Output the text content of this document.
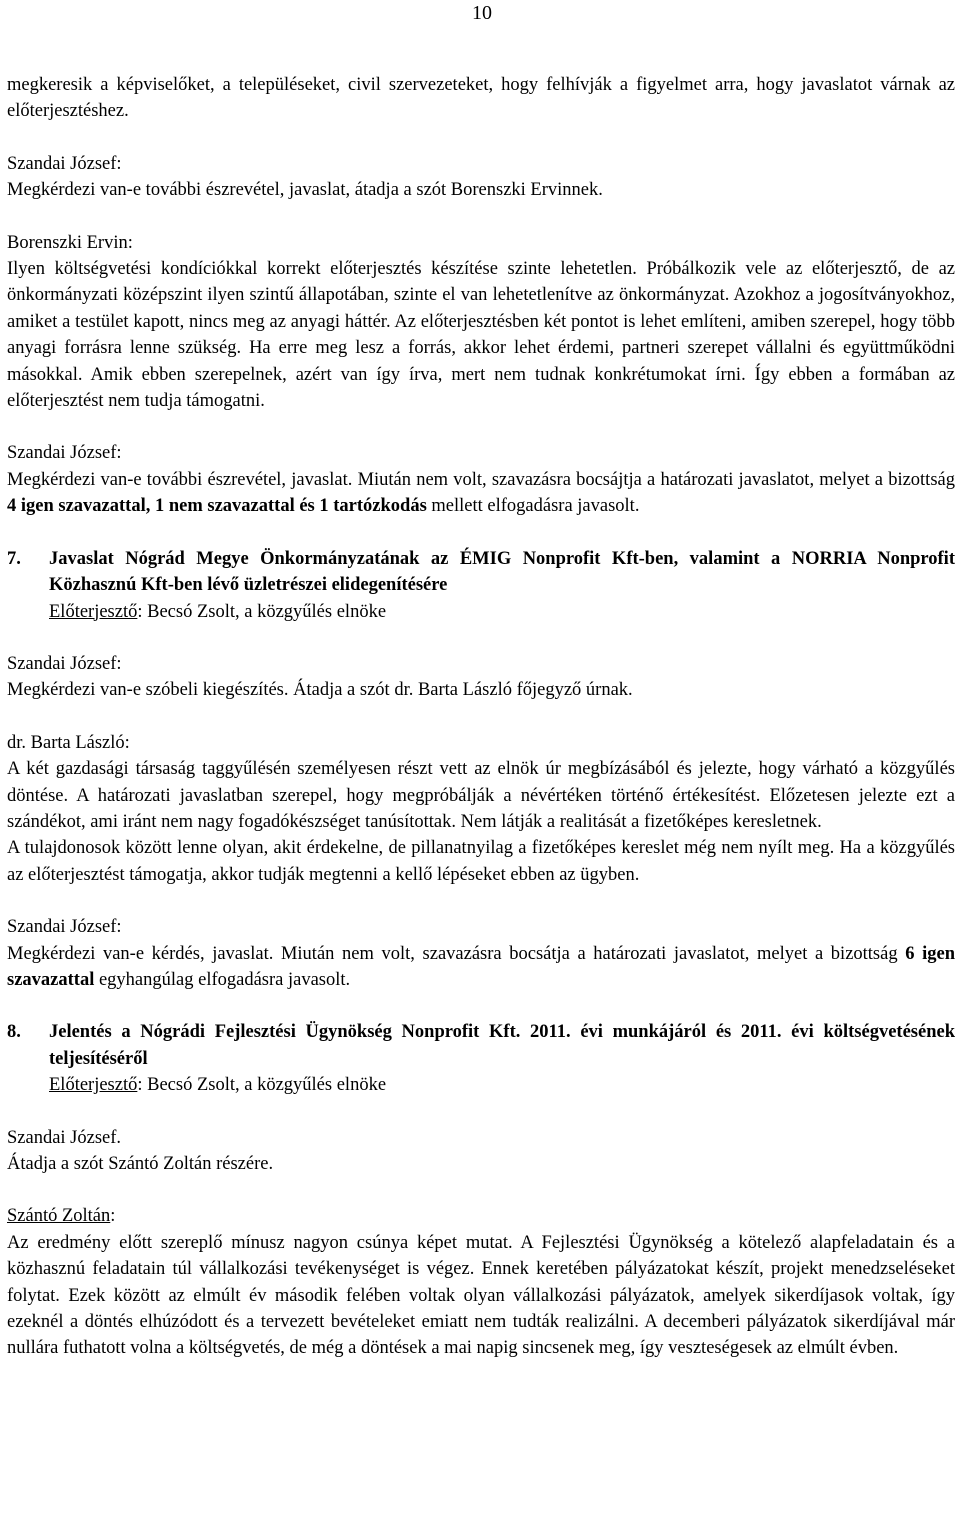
10

megkeresik a képviselőket, a településeket, civil szervezeteket, hogy felhívják a figyelmet arra, hogy javaslatot várnak az előterjesztéshez.

Szandai József:

Megkérdezi van-e további észrevétel, javaslat, átadja a szót Borenszki Ervinnek.

Borenszki Ervin:

Ilyen költségvetési kondíciókkal korrekt előterjesztés készítése szinte lehetetlen. Próbálkozik vele az előterjesztő, de az önkormányzati középszint ilyen szintű állapotában, szinte el van lehetetlenítve az önkormányzat. Azokhoz a jogosítványokhoz, amiket a testület kapott, nincs meg az anyagi háttér. Az előterjesztésben két pontot is lehet említeni, amiben szerepel, hogy több anyagi forrásra lenne szükség. Ha erre meg lesz a forrás, akkor lehet érdemi, partneri szerepet vállalni és együttműködni másokkal. Amik ebben szerepelnek, azért van így írva, mert nem tudnak konkrétumokat írni. Így ebben a formában az előterjesztést nem tudja támogatni.

Szandai József:

Megkérdezi van-e további észrevétel, javaslat. Miután nem volt, szavazásra bocsájtja a határozati javaslatot, melyet a bizottság 4 igen szavazattal, 1 nem szavazattal és 1 tartózkodás mellett elfogadásra javasolt.

7.	Javaslat Nógrád Megye Önkormányzatának az ÉMIG Nonprofit Kft-ben, valamint a NORRIA Nonprofit Közhasznú Kft-ben lévő üzletrészei elidegenítésére
Előterjesztő: Becsó Zsolt, a közgyűlés elnöke

Szandai József:

Megkérdezi van-e szóbeli kiegészítés. Átadja a szót dr. Barta László főjegyző úrnak.

dr. Barta László:

A két gazdasági társaság taggyűlésén személyesen részt vett az elnök úr megbízásából és jelezte, hogy várható a közgyűlés döntése. A határozati javaslatban szerepel, hogy megpróbálják a névértéken történő értékesítést. Előzetesen jelezte ezt a szándékot, ami iránt nem nagy fogadókészséget tanúsítottak. Nem látják a realitását a fizetőképes keresletnek.

A tulajdonosok között lenne olyan, akit érdekelne, de pillanatnyilag a fizetőképes kereslet még nem nyílt meg. Ha a közgyűlés az előterjesztést támogatja, akkor tudják megtenni a kellő lépéseket ebben az ügyben.

Szandai József:

Megkérdezi van-e kérdés, javaslat. Miután nem volt, szavazásra bocsátja a határozati javaslatot, melyet a bizottság 6 igen szavazattal egyhangúlag elfogadásra javasolt.

8.	Jelentés a Nógrádi Fejlesztési Ügynökség Nonprofit Kft. 2011. évi munkájáról és 2011. évi költségvetésének teljesítéséről
Előterjesztő: Becsó Zsolt, a közgyűlés elnöke

Szandai József.

Átadja a szót Szántó Zoltán részére.

Szántó Zoltán:

Az eredmény előtt szereplő mínusz nagyon csúnya képet mutat. A Fejlesztési Ügynökség a kötelező alapfeladatain és a közhasznú feladatain túl vállalkozási tevékenységet is végez. Ennek keretében pályázatokat készít, projekt menedzseléseket folytat. Ezek között az elmúlt év második felében voltak olyan vállalkozási pályázatok, amelyek sikerdíjasok voltak, így ezeknél a döntés elhúzódott és a tervezett bevételeket emiatt nem tudták realizálni. A decemberi pályázatok sikerdíjával már nullára futhatott volna a költségvetés, de még a döntések a mai napig sincsenek meg, így veszteségesek az elmúlt évben.
